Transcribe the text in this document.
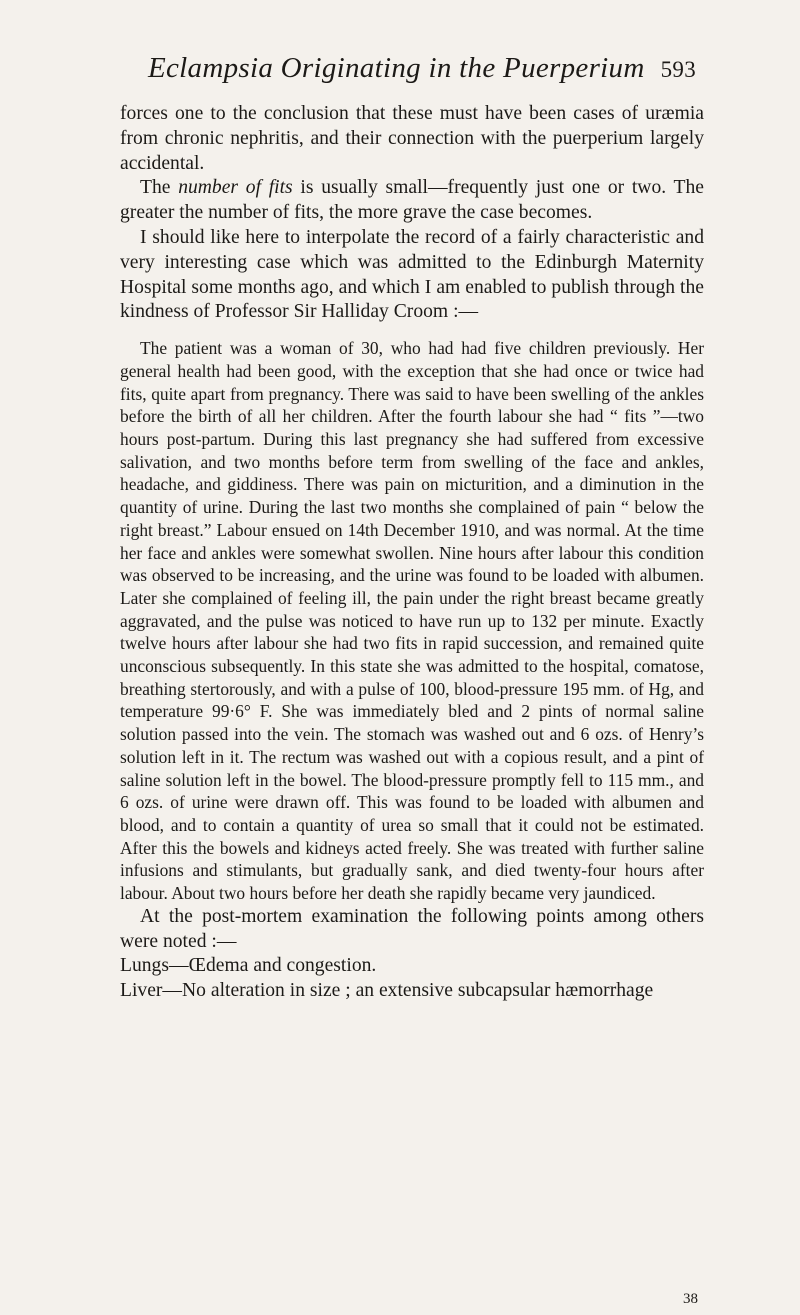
Eclampsia Originating in the Puerperium 593

forces one to the conclusion that these must have been cases of uræmia from chronic nephritis, and their connection with the puerperium largely accidental.

The number of fits is usually small—frequently just one or two. The greater the number of fits, the more grave the case becomes.

I should like here to interpolate the record of a fairly characteristic and very interesting case which was admitted to the Edinburgh Maternity Hospital some months ago, and which I am enabled to publish through the kindness of Professor Sir Halliday Croom :—

The patient was a woman of 30, who had had five children previously. Her general health had been good, with the exception that she had once or twice had fits, quite apart from pregnancy. There was said to have been swelling of the ankles before the birth of all her children. After the fourth labour she had “ fits ”—two hours post-partum. During this last pregnancy she had suffered from excessive salivation, and two months before term from swelling of the face and ankles, headache, and giddiness. There was pain on micturition, and a diminution in the quantity of urine. During the last two months she complained of pain “ below the right breast.” Labour ensued on 14th December 1910, and was normal. At the time her face and ankles were somewhat swollen. Nine hours after labour this condition was observed to be increasing, and the urine was found to be loaded with albumen. Later she complained of feeling ill, the pain under the right breast became greatly aggravated, and the pulse was noticed to have run up to 132 per minute. Exactly twelve hours after labour she had two fits in rapid succession, and remained quite unconscious subsequently. In this state she was admitted to the hospital, comatose, breathing stertorously, and with a pulse of 100, blood-pressure 195 mm. of Hg, and temperature 99·6° F. She was immediately bled and 2 pints of normal saline solution passed into the vein. The stomach was washed out and 6 ozs. of Henry’s solution left in it. The rectum was washed out with a copious result, and a pint of saline solution left in the bowel. The blood-pressure promptly fell to 115 mm., and 6 ozs. of urine were drawn off. This was found to be loaded with albumen and blood, and to contain a quantity of urea so small that it could not be estimated. After this the bowels and kidneys acted freely. She was treated with further saline infusions and stimulants, but gradually sank, and died twenty-four hours after labour. About two hours before her death she rapidly became very jaundiced.

At the post-mortem examination the following points among others were noted :—

Lungs—Œdema and congestion.

Liver—No alteration in size ; an extensive subcapsular hæmorrhage

38
